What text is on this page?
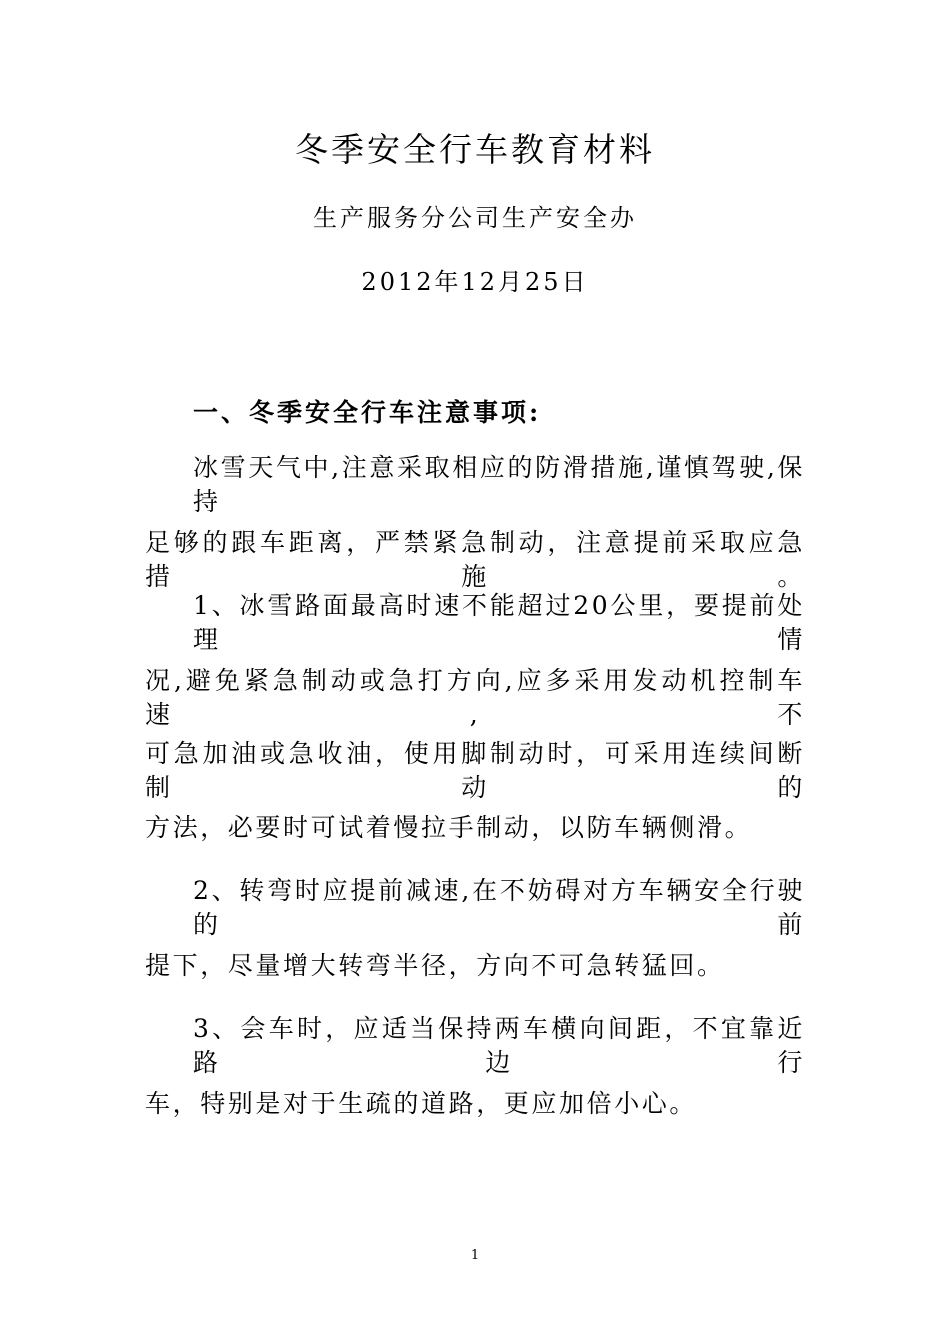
冬季安全行车教育材料
生产服务分公司生产安全办
2012年12月25日
一、冬季安全行车注意事项:
冰雪天气中,注意采取相应的防滑措施,谨慎驾驶,保持
足够的跟车距离，严禁紧急制动，注意提前采取应急措施。
1、冰雪路面最高时速不能超过20公里，要提前处理情
况,避免紧急制动或急打方向,应多采用发动机控制车速,不
可急加油或急收油，使用脚制动时，可采用连续间断制动的
方法，必要时可试着慢拉手制动，以防车辆侧滑。
2、转弯时应提前减速,在不妨碍对方车辆安全行驶的前
提下，尽量增大转弯半径，方向不可急转猛回。
3、会车时，应适当保持两车横向间距，不宜靠近路边行
车，特别是对于生疏的道路，更应加倍小心。
1
